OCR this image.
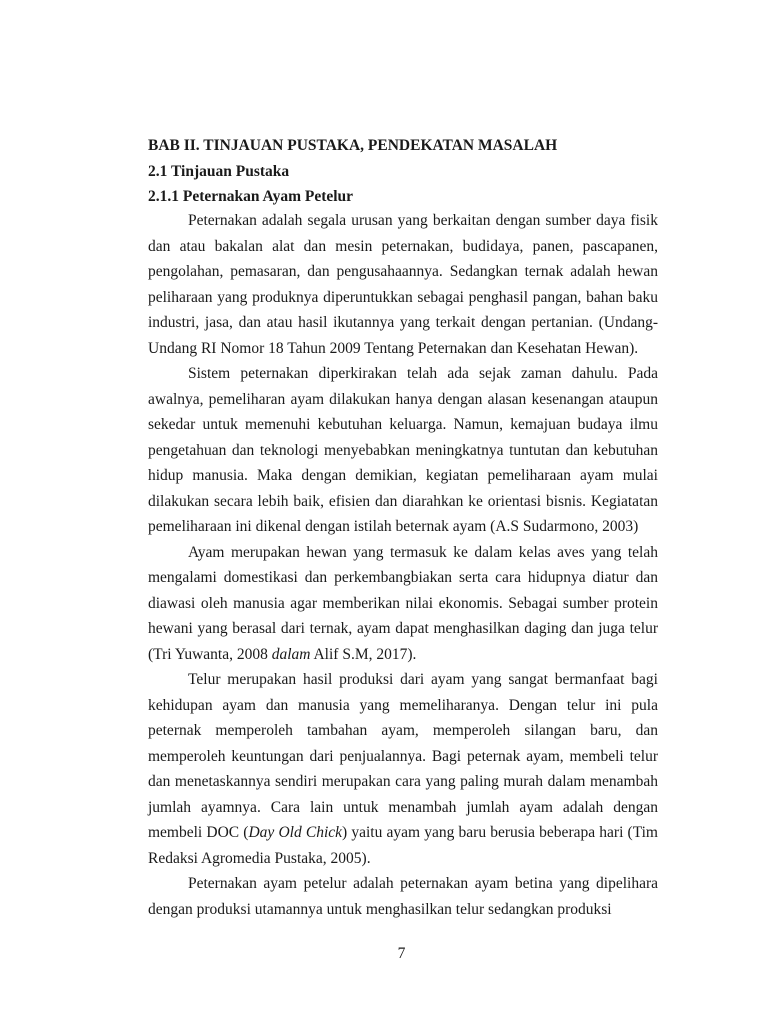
BAB II. TINJAUAN PUSTAKA, PENDEKATAN MASALAH
2.1 Tinjauan Pustaka
2.1.1 Peternakan Ayam Petelur

Peternakan adalah segala urusan yang berkaitan dengan sumber daya fisik dan atau bakalan alat dan mesin peternakan, budidaya, panen, pascapanen, pengolahan, pemasaran, dan pengusahaannya. Sedangkan ternak adalah hewan peliharaan yang produknya diperuntukkan sebagai penghasil pangan, bahan baku industri, jasa, dan atau hasil ikutannya yang terkait dengan pertanian. (Undang-Undang RI Nomor 18 Tahun 2009 Tentang Peternakan dan Kesehatan Hewan).

Sistem peternakan diperkirakan telah ada sejak zaman dahulu. Pada awalnya, pemeliharan ayam dilakukan hanya dengan alasan kesenangan ataupun sekedar untuk memenuhi kebutuhan keluarga. Namun, kemajuan budaya ilmu pengetahuan dan teknologi menyebabkan meningkatnya tuntutan dan kebutuhan hidup manusia. Maka dengan demikian, kegiatan pemeliharaan ayam mulai dilakukan secara lebih baik, efisien dan diarahkan ke orientasi bisnis. Kegiatatan pemeliharaan ini dikenal dengan istilah beternak ayam (A.S Sudarmono, 2003)

Ayam merupakan hewan yang termasuk ke dalam kelas aves yang telah mengalami domestikasi dan perkembangbiakan serta cara hidupnya diatur dan diawasi oleh manusia agar memberikan nilai ekonomis. Sebagai sumber protein hewani yang berasal dari ternak, ayam dapat menghasilkan daging dan juga telur (Tri Yuwanta, 2008 dalam Alif S.M, 2017).

Telur merupakan hasil produksi dari ayam yang sangat bermanfaat bagi kehidupan ayam dan manusia yang memeliharanya. Dengan telur ini pula peternak memperoleh tambahan ayam, memperoleh silangan baru, dan memperoleh keuntungan dari penjualannya. Bagi peternak ayam, membeli telur dan menetaskannya sendiri merupakan cara yang paling murah dalam menambah jumlah ayamnya. Cara lain untuk menambah jumlah ayam adalah dengan membeli DOC (Day Old Chick) yaitu ayam yang baru berusia beberapa hari (Tim Redaksi Agromedia Pustaka, 2005).

Peternakan ayam petelur adalah peternakan ayam betina yang dipelihara dengan produksi utamannya untuk menghasilkan telur sedangkan produksi

7
